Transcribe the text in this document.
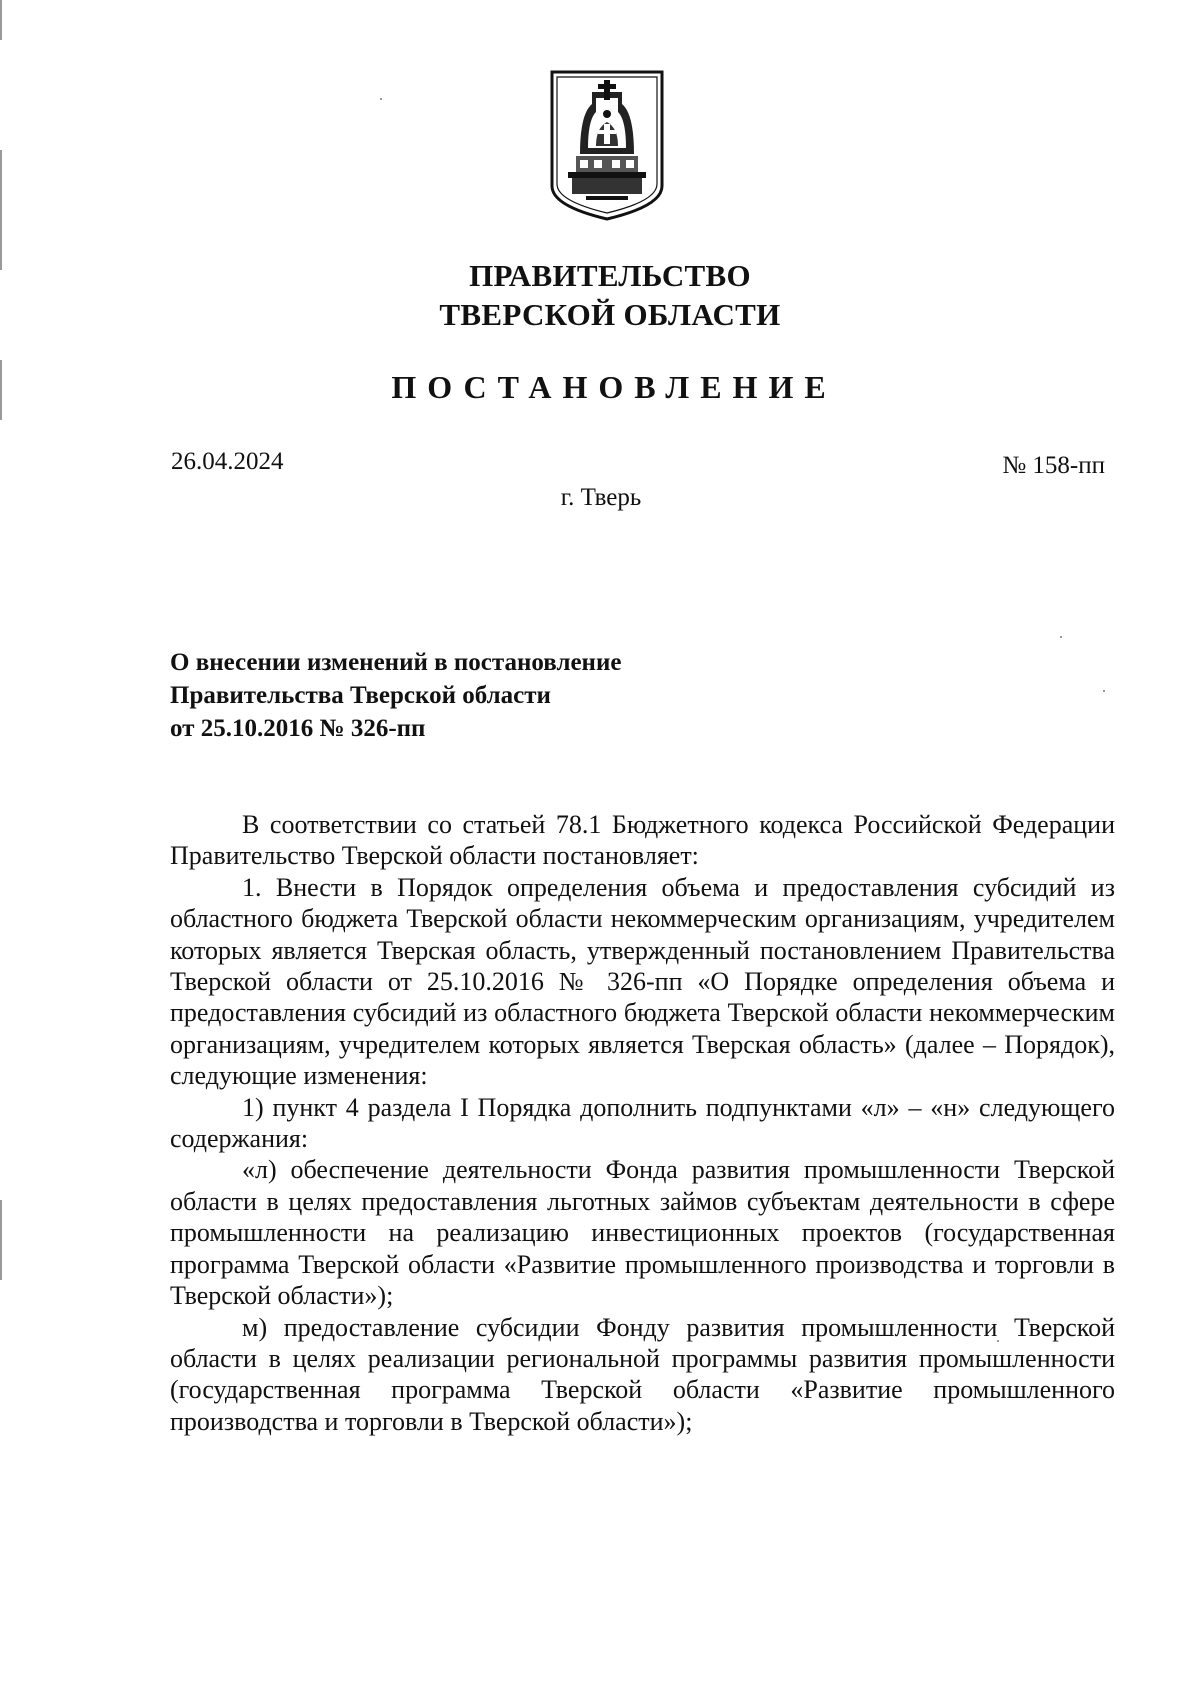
ПРАВИТЕЛЬСТВО
ТВЕРСКОЙ ОБЛАСТИ
ПОСТАНОВЛЕНИЕ
26.04.2024	№ 158-пп
г. Тверь
О внесении изменений в постановление
Правительства Тверской области
от 25.10.2016 № 326-пп

В соответствии со статьей 78.1 Бюджетного кодекса Российской Федерации Правительство Тверской области постановляет:

1. Внести в Порядок определения объема и предоставления субсидий из областного бюджета Тверской области некоммерческим организациям, учредителем которых является Тверская область, утвержденный постановлением Правительства Тверской области от 25.10.2016 № 326-пп «О Порядке определения объема и предоставления субсидий из областного бюджета Тверской области некоммерческим организациям, учредителем которых является Тверская область» (далее – Порядок), следующие изменения:

1) пункт 4 раздела I Порядка дополнить подпунктами «л» – «н» следующего содержания:

«л) обеспечение деятельности Фонда развития промышленности Тверской области в целях предоставления льготных займов субъектам деятельности в сфере промышленности на реализацию инвестиционных проектов (государственная программа Тверской области «Развитие промышленного производства и торговли в Тверской области»);

м) предоставление субсидии Фонду развития промышленности Тверской области в целях реализации региональной программы развития промышленности (государственная программа Тверской области «Развитие промышленного производства и торговли в Тверской области»);
